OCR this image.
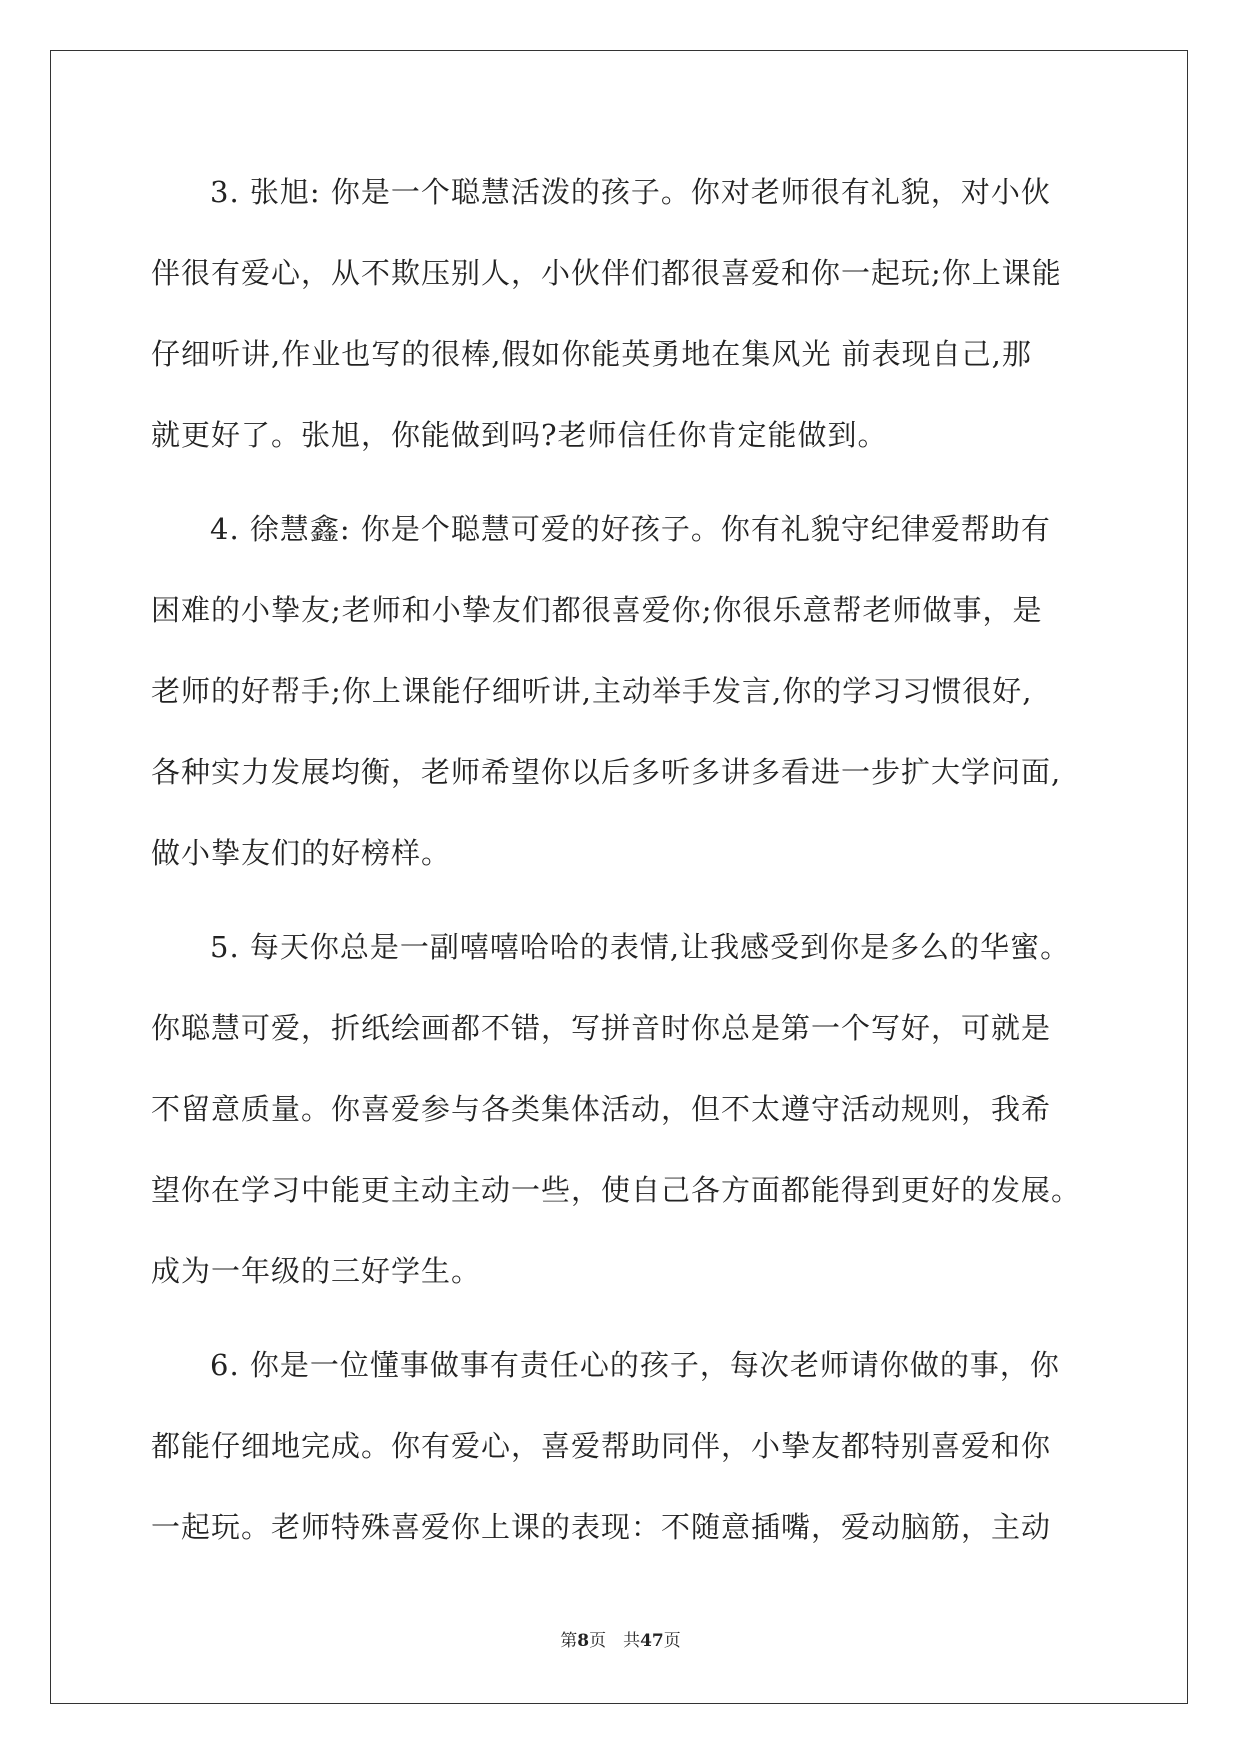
3. 张旭: 你是一个聪慧活泼的孩子。你对老师很有礼貌，对小伙
伴很有爱心，从不欺压别人，小伙伴们都很喜爱和你一起玩;你上课能
仔细听讲,作业也写的很棒,假如你能英勇地在集风光 前表现自己,那
就更好了。张旭，你能做到吗?老师信任你肯定能做到。
4. 徐慧鑫: 你是个聪慧可爱的好孩子。你有礼貌守纪律爱帮助有
困难的小挚友;老师和小挚友们都很喜爱你;你很乐意帮老师做事，是
老师的好帮手;你上课能仔细听讲,主动举手发言,你的学习习惯很好,
各种实力发展均衡，老师希望你以后多听多讲多看进一步扩大学问面,
做小挚友们的好榜样。
5. 每天你总是一副嘻嘻哈哈的表情,让我感受到你是多么的华蜜。
你聪慧可爱，折纸绘画都不错，写拼音时你总是第一个写好，可就是
不留意质量。你喜爱参与各类集体活动，但不太遵守活动规则，我希
望你在学习中能更主动主动一些，使自己各方面都能得到更好的发展。
成为一年级的三好学生。
6. 你是一位懂事做事有责任心的孩子，每次老师请你做的事，你
都能仔细地完成。你有爱心，喜爱帮助同伴，小挚友都特别喜爱和你
一起玩。老师特殊喜爱你上课的表现：不随意插嘴，爱动脑筋，主动
第8页　共47页
